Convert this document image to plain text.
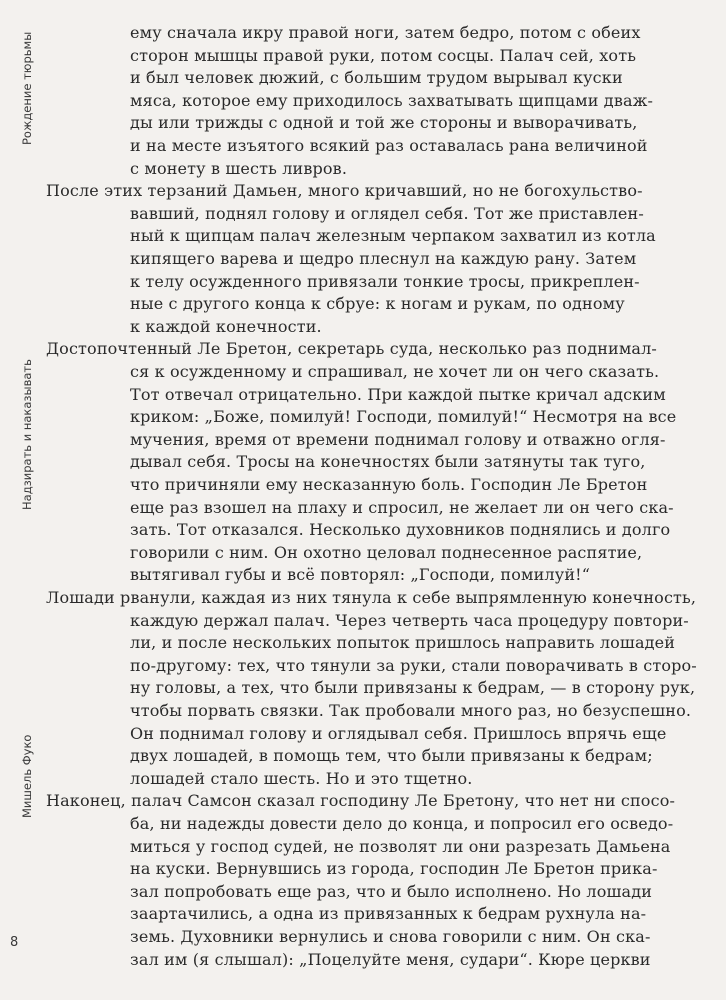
Рождение тюрьмы
Надзирать и наказывать
Мишель Фуко
8
ему сначала икру правой ноги, затем бедро, потом с обеих
сторон мышцы правой руки, потом сосцы. Палач сей, хоть
и был человек дюжий, с большим трудом вырывал куски
мяса, которое ему приходилось захватывать щипцами дваж-
ды или трижды с одной и той же стороны и выворачивать,
и на месте изъятого всякий раз оставалась рана величиной
с монету в шесть ливров.
После этих терзаний Дамьен, много кричавший, но не богохульство-
вавший, поднял голову и оглядел себя. Тот же приставлен-
ный к щипцам палач железным черпаком захватил из котла
кипящего варева и щедро плеснул на каждую рану. Затем
к телу осужденного привязали тонкие тросы, прикреплен-
ные с другого конца к сбруе: к ногам и рукам, по одному
к каждой конечности.
Достопочтенный Ле Бретон, секретарь суда, несколько раз поднимал-
ся к осужденному и спрашивал, не хочет ли он чего сказать.
Тот отвечал отрицательно. При каждой пытке кричал адским
криком: „Боже, помилуй! Господи, помилуй!“ Несмотря на все
мучения, время от времени поднимал голову и отважно огля-
дывал себя. Тросы на конечностях были затянуты так туго,
что причиняли ему несказанную боль. Господин Ле Бретон
еще раз взошел на плаху и спросил, не желает ли он чего ска-
зать. Тот отказался. Несколько духовников поднялись и долго
говорили с ним. Он охотно целовал поднесенное распятие,
вытягивал губы и всё повторял: „Господи, помилуй!“
Лошади рванули, каждая из них тянула к себе выпрямленную конечность,
каждую держал палач. Через четверть часа процедуру повтори-
ли, и после нескольких попыток пришлось направить лошадей
по-другому: тех, что тянули за руки, стали поворачивать в сторо-
ну головы, а тех, что были привязаны к бедрам, — в сторону рук,
чтобы порвать связки. Так пробовали много раз, но безуспешно.
Он поднимал голову и оглядывал себя. Пришлось впрячь еще
двух лошадей, в помощь тем, что были привязаны к бедрам;
лошадей стало шесть. Но и это тщетно.
Наконец, палач Самсон сказал господину Ле Бретону, что нет ни спосо-
ба, ни надежды довести дело до конца, и попросил его осведо-
миться у господ судей, не позволят ли они разрезать Дамьена
на куски. Вернувшись из города, господин Ле Бретон прика-
зал попробовать еще раз, что и было исполнено. Но лошади
заартачились, а одна из привязанных к бедрам рухнула на-
земь. Духовники вернулись и снова говорили с ним. Он ска-
зал им (я слышал): „Поцелуйте меня, судари“. Кюре церкви
